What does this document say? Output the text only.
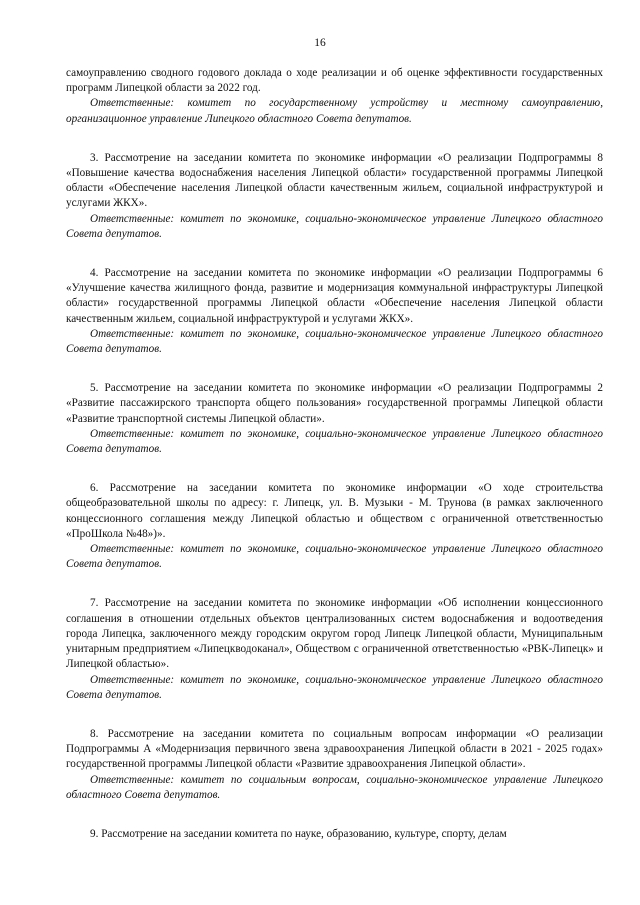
16

самоуправлению сводного годового доклада о ходе реализации и об оценке эффективности государственных программ Липецкой области за 2022 год.

Ответственные: комитет по государственному устройству и местному самоуправлению, организационное управление Липецкого областного Совета депутатов.

3. Рассмотрение на заседании комитета по экономике информации «О реализации Подпрограммы 8 «Повышение качества водоснабжения населения Липецкой области» государственной программы Липецкой области «Обеспечение населения Липецкой области качественным жильем, социальной инфраструктурой и услугами ЖКХ».

Ответственные: комитет по экономике, социально-экономическое управление Липецкого областного Совета депутатов.

4. Рассмотрение на заседании комитета по экономике информации «О реализации Подпрограммы 6 «Улучшение качества жилищного фонда, развитие и модернизация коммунальной инфраструктуры Липецкой области» государственной программы Липецкой области «Обеспечение населения Липецкой области качественным жильем, социальной инфраструктурой и услугами ЖКХ».

Ответственные: комитет по экономике, социально-экономическое управление Липецкого областного Совета депутатов.

5. Рассмотрение на заседании комитета по экономике информации «О реализации Подпрограммы 2 «Развитие пассажирского транспорта общего пользования» государственной программы Липецкой области «Развитие транспортной системы Липецкой области».

Ответственные: комитет по экономике, социально-экономическое управление Липецкого областного Совета депутатов.

6. Рассмотрение на заседании комитета по экономике информации «О ходе строительства общеобразовательной школы по адресу: г. Липецк, ул. В. Музыки - М. Трунова (в рамках заключенного концессионного соглашения между Липецкой областью и обществом с ограниченной ответственностью «ПроШкола №48»)».

Ответственные: комитет по экономике, социально-экономическое управление Липецкого областного Совета депутатов.

7. Рассмотрение на заседании комитета по экономике информации «Об исполнении концессионного соглашения в отношении отдельных объектов централизованных систем водоснабжения и водоотведения города Липецка, заключенного между городским округом город Липецк Липецкой области, Муниципальным унитарным предприятием «Липецкводоканал», Обществом с ограниченной ответственностью «РВК-Липецк» и Липецкой областью».

Ответственные: комитет по экономике, социально-экономическое управление Липецкого областного Совета депутатов.

8. Рассмотрение на заседании комитета по социальным вопросам информации «О реализации Подпрограммы А «Модернизация первичного звена здравоохранения Липецкой области в 2021 - 2025 годах» государственной программы Липецкой области «Развитие здравоохранения Липецкой области».

Ответственные: комитет по социальным вопросам, социально-экономическое управление Липецкого областного Совета депутатов.

9. Рассмотрение на заседании комитета по науке, образованию, культуре, спорту, делам
